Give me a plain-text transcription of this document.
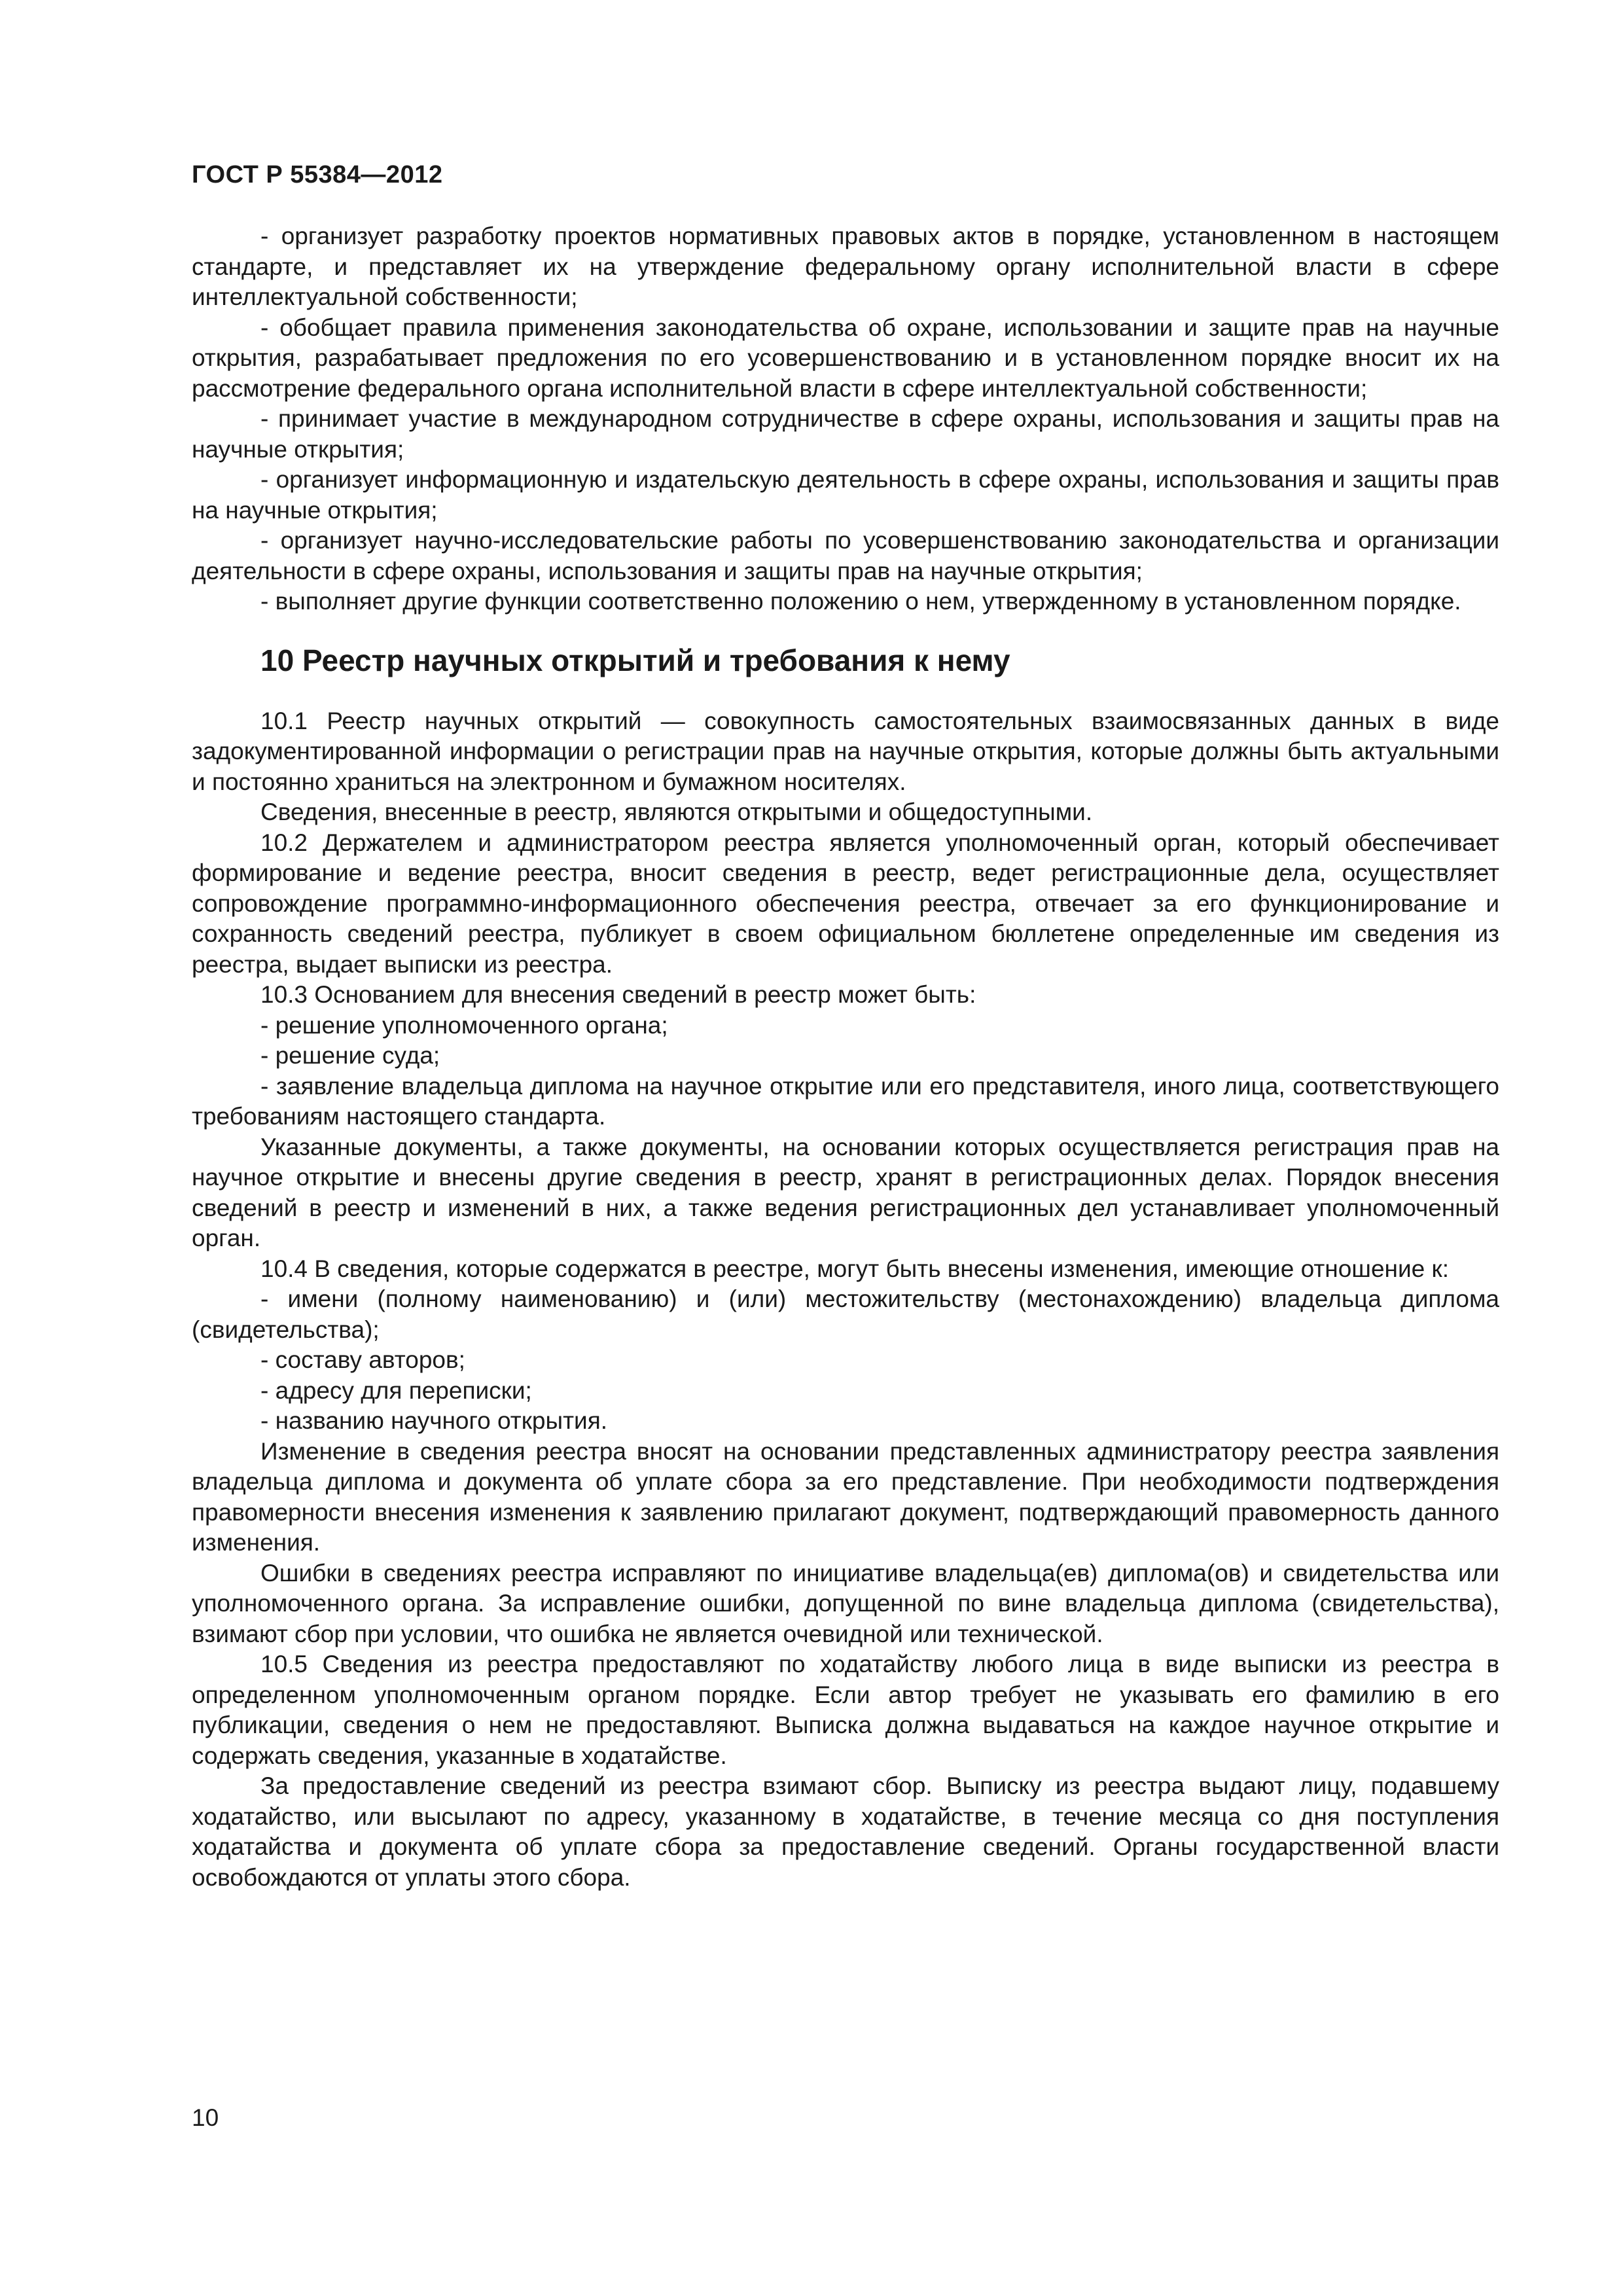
ГОСТ Р 55384—2012

- организует разработку проектов нормативных правовых актов в порядке, установленном в настоящем стандарте, и представляет их на утверждение федеральному органу исполнительной власти в сфере интеллектуальной собственности;

- обобщает правила применения законодательства об охране, использовании и защите прав на научные открытия, разрабатывает предложения по его усовершенствованию и в установленном порядке вносит их на рассмотрение федерального органа исполнительной власти в сфере интеллектуальной собственности;

- принимает участие в международном сотрудничестве в сфере охраны, использования и защиты прав на научные открытия;

- организует информационную и издательскую деятельность в сфере охраны, использования и защиты прав на научные открытия;

- организует научно-исследовательские работы по усовершенствованию законодательства и организации деятельности в сфере охраны, использования и защиты прав на научные открытия;

- выполняет другие функции соответственно положению о нем, утвержденному в установленном порядке.

10 Реестр научных открытий и требования к нему

10.1 Реестр научных открытий — совокупность самостоятельных взаимосвязанных данных в виде задокументированной информации о регистрации прав на научные открытия, которые должны быть актуальными и постоянно храниться на электронном и бумажном носителях.

Сведения, внесенные в реестр, являются открытыми и общедоступными.

10.2 Держателем и администратором реестра является уполномоченный орган, который обеспечивает формирование и ведение реестра, вносит сведения в реестр, ведет регистрационные дела, осуществляет сопровождение программно-информационного обеспечения реестра, отвечает за его функционирование и сохранность сведений реестра, публикует в своем официальном бюллетене определенные им сведения из реестра, выдает выписки из реестра.

10.3 Основанием для внесения сведений в реестр может быть:

- решение уполномоченного органа;

- решение суда;

- заявление владельца диплома на научное открытие или его представителя, иного лица, соответствующего требованиям настоящего стандарта.

Указанные документы, а также документы, на основании которых осуществляется регистрация прав на научное открытие и внесены другие сведения в реестр, хранят в регистрационных делах. Порядок внесения сведений в реестр и изменений в них, а также ведения регистрационных дел устанавливает уполномоченный орган.

10.4 В сведения, которые содержатся в реестре, могут быть внесены изменения, имеющие отношение к:

- имени (полному наименованию) и (или) местожительству (местонахождению) владельца диплома (свидетельства);

- составу авторов;

- адресу для переписки;

- названию научного открытия.

Изменение в сведения реестра вносят на основании представленных администратору реестра заявления владельца диплома и документа об уплате сбора за его представление. При необходимости подтверждения правомерности внесения изменения к заявлению прилагают документ, подтверждающий правомерность данного изменения.

Ошибки в сведениях реестра исправляют по инициативе владельца(ев) диплома(ов) и свидетельства или уполномоченного органа. За исправление ошибки, допущенной по вине владельца диплома (свидетельства), взимают сбор при условии, что ошибка не является очевидной или технической.

10.5 Сведения из реестра предоставляют по ходатайству любого лица в виде выписки из реестра в определенном уполномоченным органом порядке. Если автор требует не указывать его фамилию в его публикации, сведения о нем не предоставляют. Выписка должна выдаваться на каждое научное открытие и содержать сведения, указанные в ходатайстве.

За предоставление сведений из реестра взимают сбор. Выписку из реестра выдают лицу, подавшему ходатайство, или высылают по адресу, указанному в ходатайстве, в течение месяца со дня поступления ходатайства и документа об уплате сбора за предоставление сведений. Органы государственной власти освобождаются от уплаты этого сбора.

10
